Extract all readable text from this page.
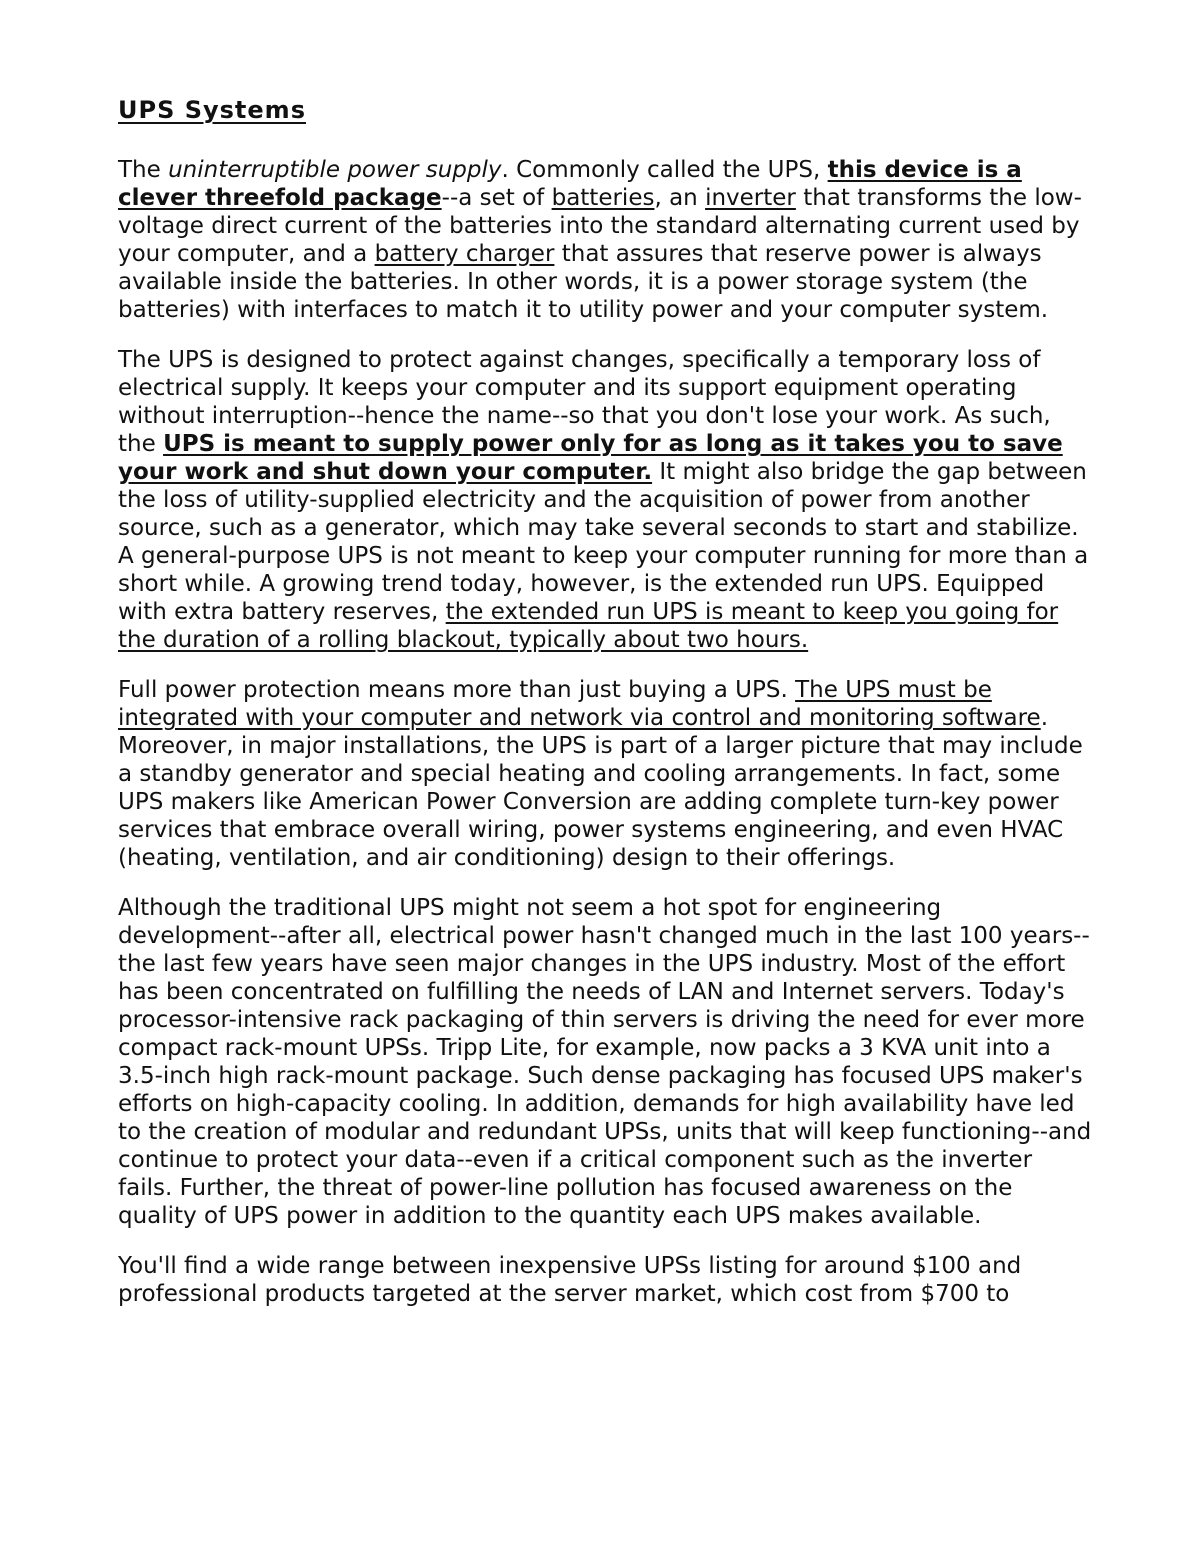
UPS Systems

The uninterruptible power supply. Commonly called the UPS, this device is a clever threefold package--a set of batteries, an inverter that transforms the low-voltage direct current of the batteries into the standard alternating current used by your computer, and a battery charger that assures that reserve power is always available inside the batteries. In other words, it is a power storage system (the batteries) with interfaces to match it to utility power and your computer system.

The UPS is designed to protect against changes, specifically a temporary loss of electrical supply. It keeps your computer and its support equipment operating without interruption--hence the name--so that you don't lose your work. As such, the UPS is meant to supply power only for as long as it takes you to save your work and shut down your computer. It might also bridge the gap between the loss of utility-supplied electricity and the acquisition of power from another source, such as a generator, which may take several seconds to start and stabilize. A general-purpose UPS is not meant to keep your computer running for more than a short while. A growing trend today, however, is the extended run UPS. Equipped with extra battery reserves, the extended run UPS is meant to keep you going for the duration of a rolling blackout, typically about two hours.

Full power protection means more than just buying a UPS. The UPS must be integrated with your computer and network via control and monitoring software. Moreover, in major installations, the UPS is part of a larger picture that may include a standby generator and special heating and cooling arrangements. In fact, some UPS makers like American Power Conversion are adding complete turn-key power services that embrace overall wiring, power systems engineering, and even HVAC (heating, ventilation, and air conditioning) design to their offerings.

Although the traditional UPS might not seem a hot spot for engineering development--after all, electrical power hasn't changed much in the last 100 years--the last few years have seen major changes in the UPS industry. Most of the effort has been concentrated on fulfilling the needs of LAN and Internet servers. Today's processor-intensive rack packaging of thin servers is driving the need for ever more compact rack-mount UPSs. Tripp Lite, for example, now packs a 3 KVA unit into a 3.5-inch high rack-mount package. Such dense packaging has focused UPS maker's efforts on high-capacity cooling. In addition, demands for high availability have led to the creation of modular and redundant UPSs, units that will keep functioning--and continue to protect your data--even if a critical component such as the inverter fails. Further, the threat of power-line pollution has focused awareness on the quality of UPS power in addition to the quantity each UPS makes available.

You'll find a wide range between inexpensive UPSs listing for around $100 and professional products targeted at the server market, which cost from $700 to
